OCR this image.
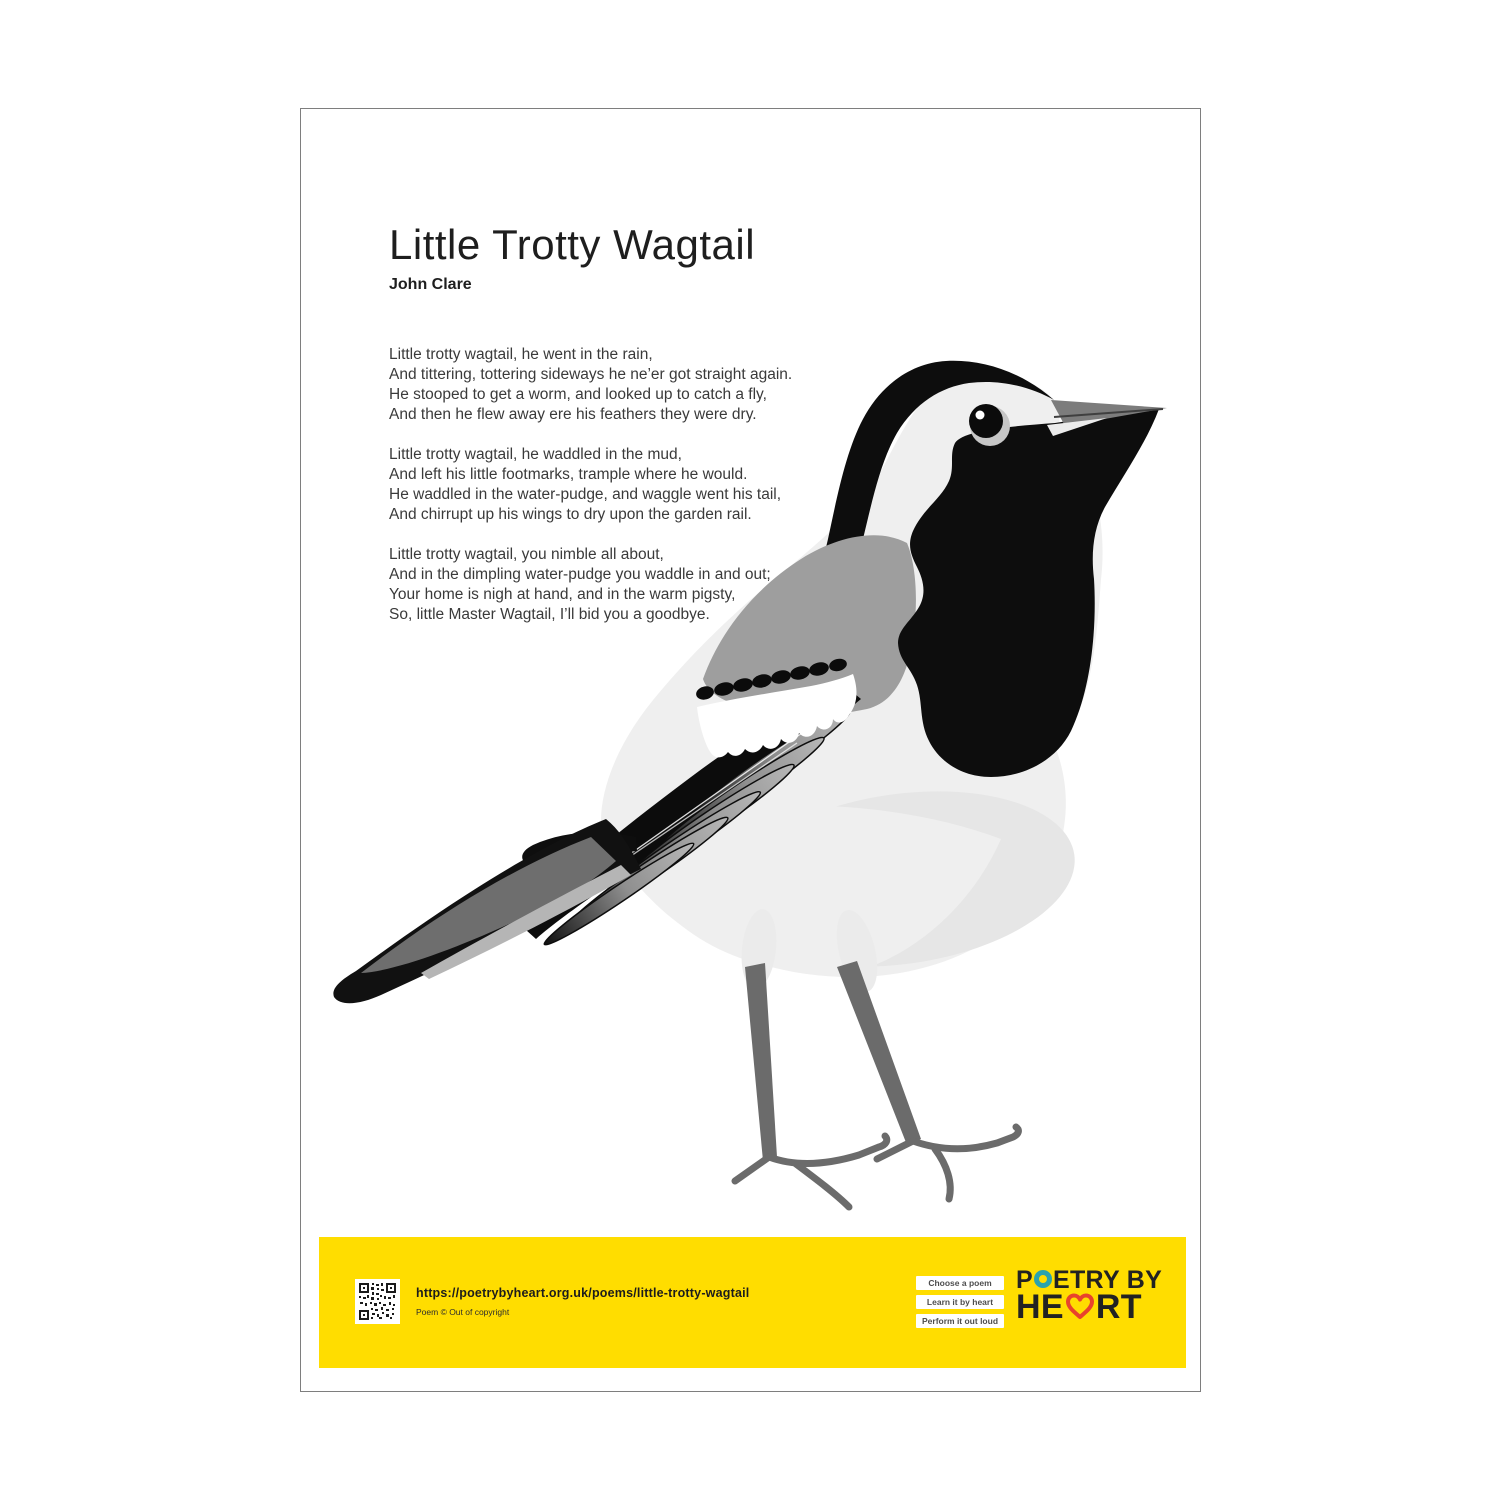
Little Trotty Wagtail
John Clare
Little trotty wagtail, he went in the rain,
And tittering, tottering sideways he ne’er got straight again.
He stooped to get a worm, and looked up to catch a fly,
And then he flew away ere his feathers they were dry.
Little trotty wagtail, he waddled in the mud,
And left his little footmarks, trample where he would.
He waddled in the water-pudge, and waggle went his tail,
And chirrupt up his wings to dry upon the garden rail.
Little trotty wagtail, you nimble all about,
And in the dimpling water-pudge you waddle in and out;
Your home is nigh at hand, and in the warm pigsty,
So, little Master Wagtail, I’ll bid you a goodbye.
https://poetrybyheart.org.uk/poems/little-trotty-wagtail
Poem © Out of copyright
Choose a poem
Learn it by heart
Perform it out loud
P ETRY BY
HE RT
